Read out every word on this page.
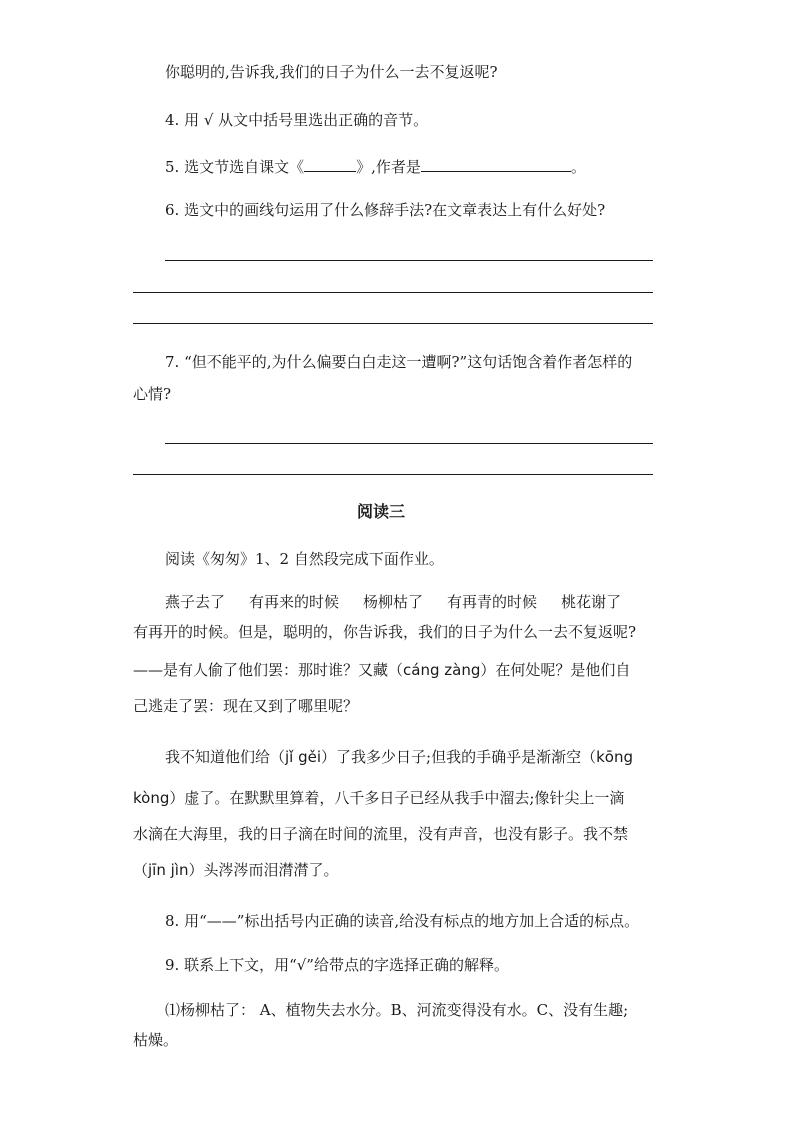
你聪明的,告诉我,我们的日子为什么一去不复返呢?
4. 用 √ 从文中括号里选出正确的音节。
5. 选文节选自课文《	》,作者是	。
6. 选文中的画线句运用了什么修辞手法?在文章表达上有什么好处?
7. “但不能平的,为什么偏要白白走这一遭啊?”这句话饱含着作者怎样的
心情?
阅读三
阅读《匆匆》1、2 自然段完成下面作业。
燕子去了 有再来的时候 杨柳枯了 有再青的时候 桃花谢了
有再开的时候。但是，聪明的，你告诉我，我们的日子为什么一去不复返呢?
——是有人偷了他们罢：那时谁？又藏（cáng zàng）在何处呢？是他们自
己逃走了罢：现在又到了哪里呢？
我不知道他们给（jǐ gěi）了我多少日子;但我的手确乎是渐渐空（kōng
kòng）虚了。在默默里算着，八千多日子已经从我手中溜去;像针尖上一滴
水滴在大海里，我的日子滴在时间的流里，没有声音，也没有影子。我不禁
（jīn jìn）头涔涔而泪潸潸了。
8. 用“——”标出括号内正确的读音,给没有标点的地方加上合适的标点。
9. 联系上下文，用“√”给带点的字选择正确的解释。
⑴杨柳枯了： A、植物失去水分。B、河流变得没有水。C、没有生趣;
枯燥。
